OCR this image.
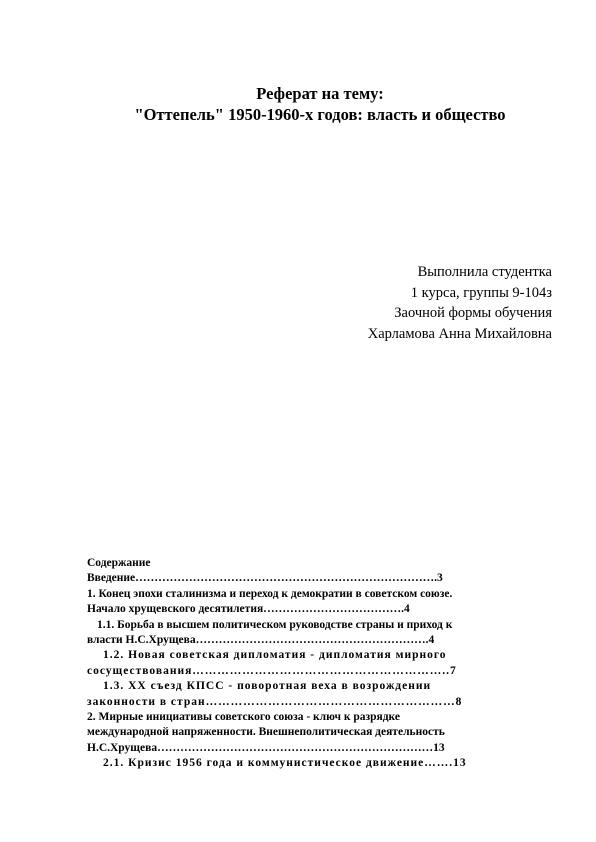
Реферат на тему:
"Оттепель" 1950-1960-х годов: власть и общество
Выполнила студентка
1 курса, группы 9-104з
Заочной формы обучения
Харламова Анна Михайловна
Содержание
Введение…………………………………………………………………….3
1. Конец эпохи сталинизма и переход к демократии в советском союзе.
Начало хрущевского десятилетия……………………………….4
1.1. Борьба в высшем политическом руководстве страны и приход к
власти Н.С.Хрущева…………………………………………………….4
1.2. Новая советская дипломатия - дипломатия мирного
сосуществования……………………………………………………..7
1.3. XX съезд КПСС - поворотная веха в возрождении
законности в стран……………………………………………………8
2. Мирные инициативы советского союза - ключ к разрядке
международной напряженности. Внешнеполитическая деятельность
Н.С.Хрущева………………………………………………………………13
2.1. Кризис 1956 года и коммунистическое движение…….13
